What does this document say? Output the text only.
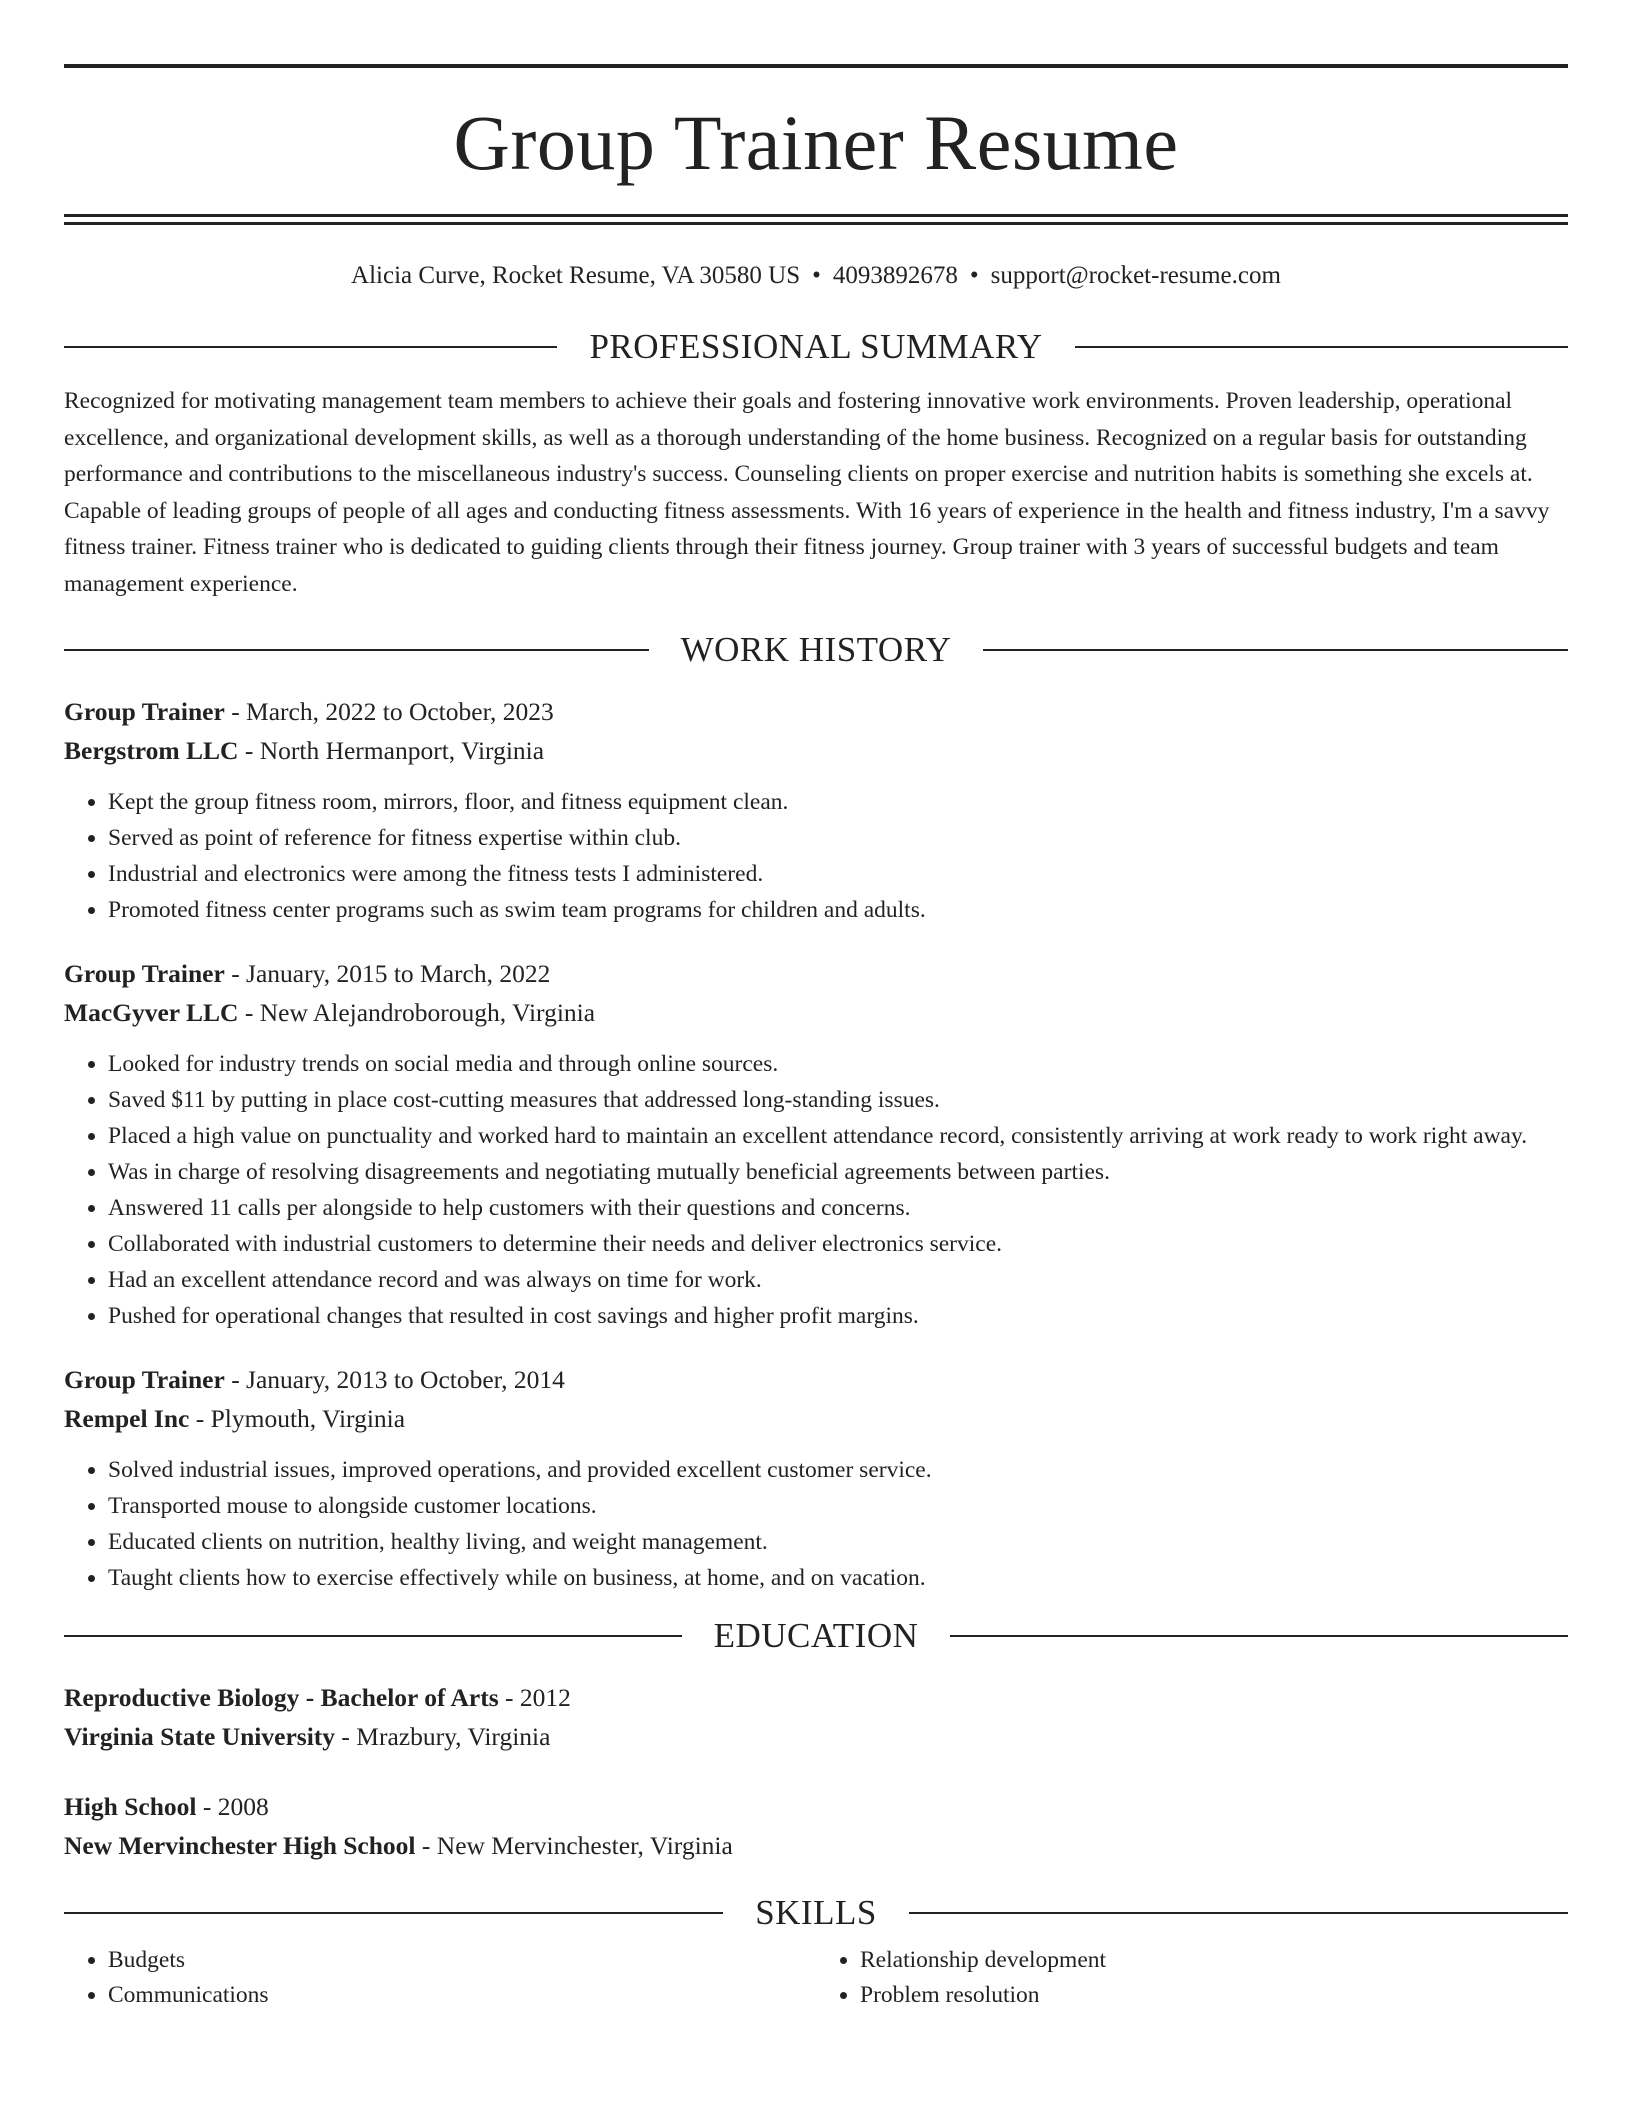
Group Trainer Resume
Alicia Curve, Rocket Resume, VA 30580 US • 4093892678 • support@rocket-resume.com
PROFESSIONAL SUMMARY
Recognized for motivating management team members to achieve their goals and fostering innovative work environments. Proven leadership, operational excellence, and organizational development skills, as well as a thorough understanding of the home business. Recognized on a regular basis for outstanding performance and contributions to the miscellaneous industry's success. Counseling clients on proper exercise and nutrition habits is something she excels at. Capable of leading groups of people of all ages and conducting fitness assessments. With 16 years of experience in the health and fitness industry, I'm a savvy fitness trainer. Fitness trainer who is dedicated to guiding clients through their fitness journey. Group trainer with 3 years of successful budgets and team management experience.
WORK HISTORY
Group Trainer - March, 2022 to October, 2023
Bergstrom LLC - North Hermanport, Virginia
• Kept the group fitness room, mirrors, floor, and fitness equipment clean.
• Served as point of reference for fitness expertise within club.
• Industrial and electronics were among the fitness tests I administered.
• Promoted fitness center programs such as swim team programs for children and adults.
Group Trainer - January, 2015 to March, 2022
MacGyver LLC - New Alejandroborough, Virginia
• Looked for industry trends on social media and through online sources.
• Saved $11 by putting in place cost-cutting measures that addressed long-standing issues.
• Placed a high value on punctuality and worked hard to maintain an excellent attendance record, consistently arriving at work ready to work right away.
• Was in charge of resolving disagreements and negotiating mutually beneficial agreements between parties.
• Answered 11 calls per alongside to help customers with their questions and concerns.
• Collaborated with industrial customers to determine their needs and deliver electronics service.
• Had an excellent attendance record and was always on time for work.
• Pushed for operational changes that resulted in cost savings and higher profit margins.
Group Trainer - January, 2013 to October, 2014
Rempel Inc - Plymouth, Virginia
• Solved industrial issues, improved operations, and provided excellent customer service.
• Transported mouse to alongside customer locations.
• Educated clients on nutrition, healthy living, and weight management.
• Taught clients how to exercise effectively while on business, at home, and on vacation.
EDUCATION
Reproductive Biology - Bachelor of Arts - 2012
Virginia State University - Mrazbury, Virginia
High School - 2008
New Mervinchester High School - New Mervinchester, Virginia
SKILLS
• Budgets
• Communications
• Relationship development
• Problem resolution
